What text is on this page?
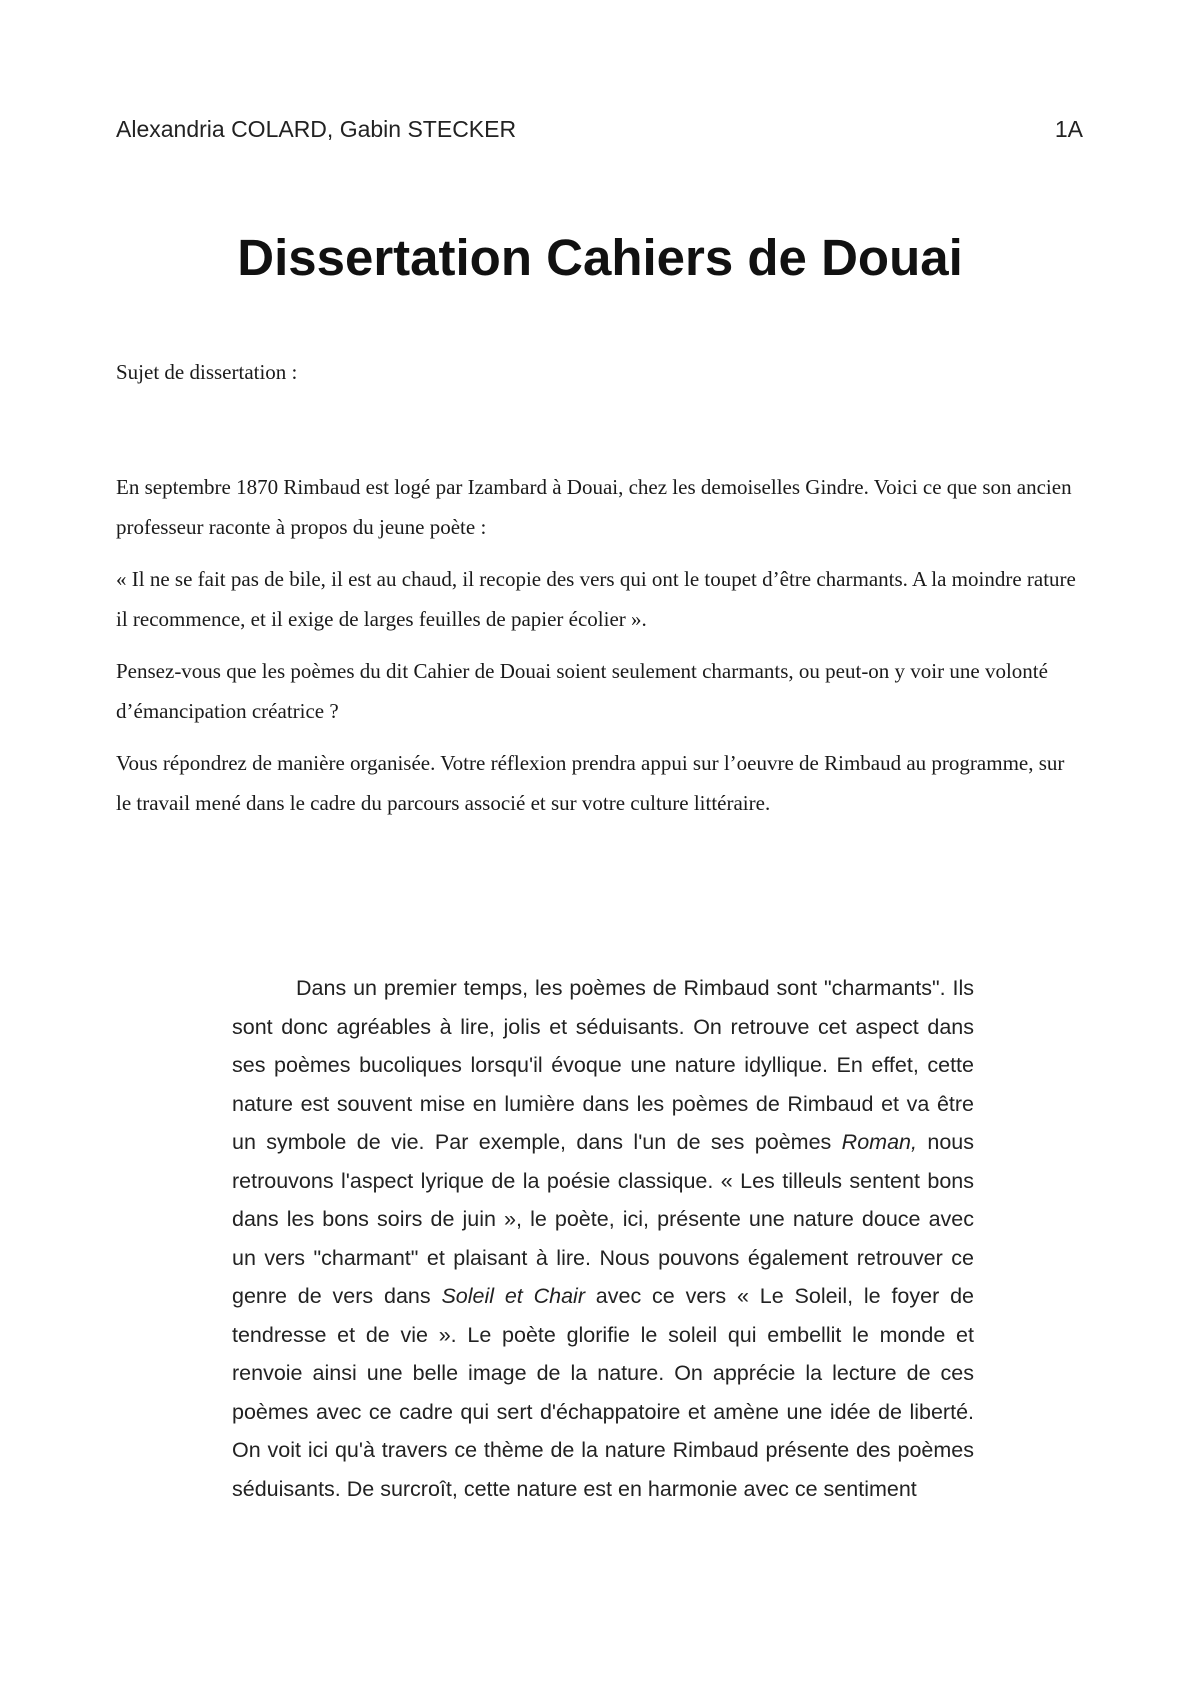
Alexandria COLARD, Gabin STECKER	1A
Dissertation Cahiers de Douai

Sujet de dissertation :

En septembre 1870 Rimbaud est logé par Izambard à Douai, chez les demoiselles Gindre. Voici ce que son ancien professeur raconte à propos du jeune poète :

« Il ne se fait pas de bile, il est au chaud, il recopie des vers qui ont le toupet d’être charmants. A la moindre rature il recommence, et il exige de larges feuilles de papier écolier ».

Pensez-vous que les poèmes du dit Cahier de Douai soient seulement charmants, ou peut-on y voir une volonté d’émancipation créatrice ?

Vous répondrez de manière organisée. Votre réflexion prendra appui sur l’oeuvre de Rimbaud au programme, sur le travail mené dans le cadre du parcours associé et sur votre culture littéraire.

Dans un premier temps, les poèmes de Rimbaud sont "charmants". Ils sont donc agréables à lire, jolis et séduisants. On retrouve cet aspect dans ses poèmes bucoliques lorsqu'il évoque une nature idyllique. En effet, cette nature est souvent mise en lumière dans les poèmes de Rimbaud et va être un symbole de vie. Par exemple, dans l'un de ses poèmes Roman, nous retrouvons l'aspect lyrique de la poésie classique. « Les tilleuls sentent bons dans les bons soirs de juin », le poète, ici, présente une nature douce avec un vers "charmant" et plaisant à lire. Nous pouvons également retrouver ce genre de vers dans Soleil et Chair avec ce vers « Le Soleil, le foyer de tendresse et de vie ». Le poète glorifie le soleil qui embellit le monde et renvoie ainsi une belle image de la nature. On apprécie la lecture de ces poèmes avec ce cadre qui sert d'échappatoire et amène une idée de liberté. On voit ici qu'à travers ce thème de la nature Rimbaud présente des poèmes séduisants. De surcroît, cette nature est en harmonie avec ce sentiment
